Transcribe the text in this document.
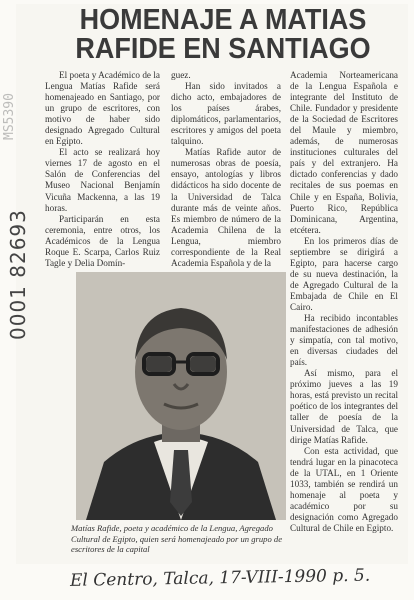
HOMENAJE A MATIAS
RAFIDE EN SANTIAGO

El poeta y Académico de la Lengua Matías Rafide será homenajeado en Santiago, por un grupo de escritores, con motivo de haber sido designado Agregado Cultural en Egipto.

El acto se realizará hoy viernes 17 de agosto en el Salón de Conferencias del Museo Nacional Benjamín Vicuña Mackenna, a las 19 horas.

Participarán en esta ceremonia, entre otros, los Académicos de la Lengua Roque E. Scarpa, Carlos Ruiz Tagle y Delia Domín-

guez.

Han sido invitados a dicho acto, embajadores de los países árabes, diplomáticos, parlamentarios, escritores y amigos del poeta talquino.

Matías Rafide autor de numerosas obras de poesía, ensayo, antologías y libros didácticos ha sido docente de la Universidad de Talca durante más de veinte años. Es miembro de número de la Academia Chilena de la Lengua, miembro correspondiente de la Real Academia Española y de la

Academia Norteamericana de la Lengua Española e integrante del Instituto de Chile. Fundador y presidente de la Sociedad de Escritores del Maule y miembro, además, de numerosas instituciones culturales del país y del extranjero. Ha dictado conferencias y dado recitales de sus poemas en Chile y en España, Bolivia, Puerto Rico, República Dominicana, Argentina, etcétera.

En los primeros días de septiembre se dirigirá a Egipto, para hacerse cargo de su nueva destinación, la de Agregado Cultural de la Embajada de Chile en El Cairo.

Ha recibido incontables manifestaciones de adhesión y simpatía, con tal motivo, en diversas ciudades del país.

Así mismo, para el próximo jueves a las 19 horas, está previsto un recital poético de los integrantes del taller de poesía de la Universidad de Talca, que dirige Matías Rafide.

Con esta actividad, que tendrá lugar en la pinacoteca de la UTAL, en 1 Oriente 1033, también se rendirá un homenaje al poeta y académico por su designación como Agregado Cultural de Chile en Egipto.

Matías Rafide, poeta y académico de la Lengua, Agregado Cultural de Egipto, quien será homenajeado por un grupo de escritores de la capital
MS5390
0001 82693
El Centro, Talca, 17-VIII-1990 p. 5.
